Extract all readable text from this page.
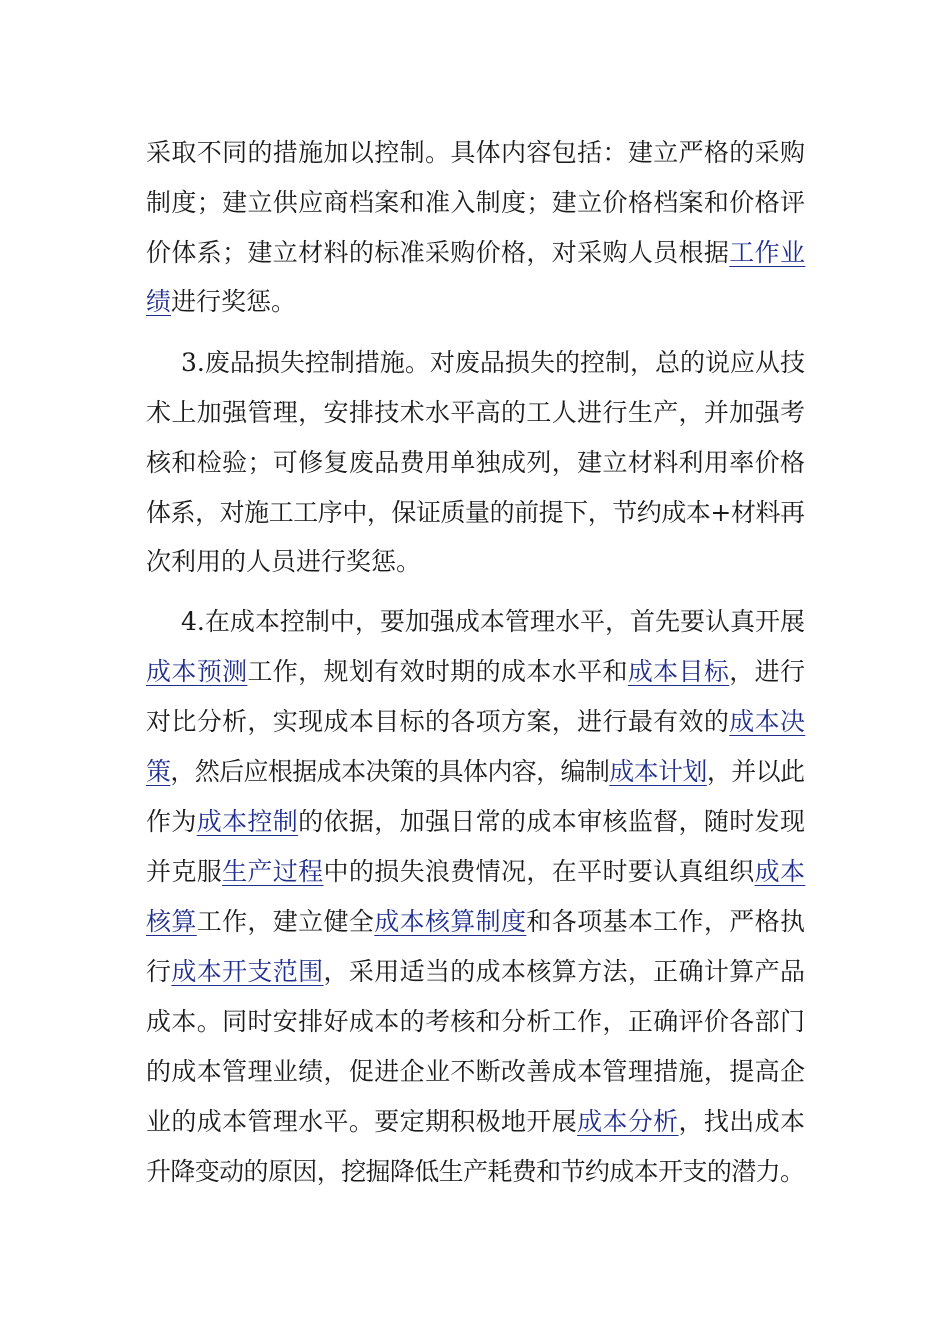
采取不同的措施加以控制。具体内容包括：建立严格的采购
制度；建立供应商档案和准入制度；建立价格档案和价格评
价体系；建立材料的标准采购价格，对采购人员根据工作业
绩进行奖惩。
3.废品损失控制措施。对废品损失的控制，总的说应从技
术上加强管理，安排技术水平高的工人进行生产，并加强考
核和检验；可修复废品费用单独成列，建立材料利用率价格
体系，对施工工序中，保证质量的前提下，节约成本+材料再
次利用的人员进行奖惩。
4.在成本控制中，要加强成本管理水平，首先要认真开展
成本预测工作，规划有效时期的成本水平和成本目标，进行
对比分析，实现成本目标的各项方案，进行最有效的成本决
策，然后应根据成本决策的具体内容，编制成本计划，并以此
作为成本控制的依据，加强日常的成本审核监督，随时发现
并克服生产过程中的损失浪费情况，在平时要认真组织成本
核算工作，建立健全成本核算制度和各项基本工作，严格执
行成本开支范围，采用适当的成本核算方法，正确计算产品
成本。同时安排好成本的考核和分析工作，正确评价各部门
的成本管理业绩，促进企业不断改善成本管理措施，提高企
业的成本管理水平。要定期积极地开展成本分析，找出成本
升降变动的原因，挖掘降低生产耗费和节约成本开支的潜力。
